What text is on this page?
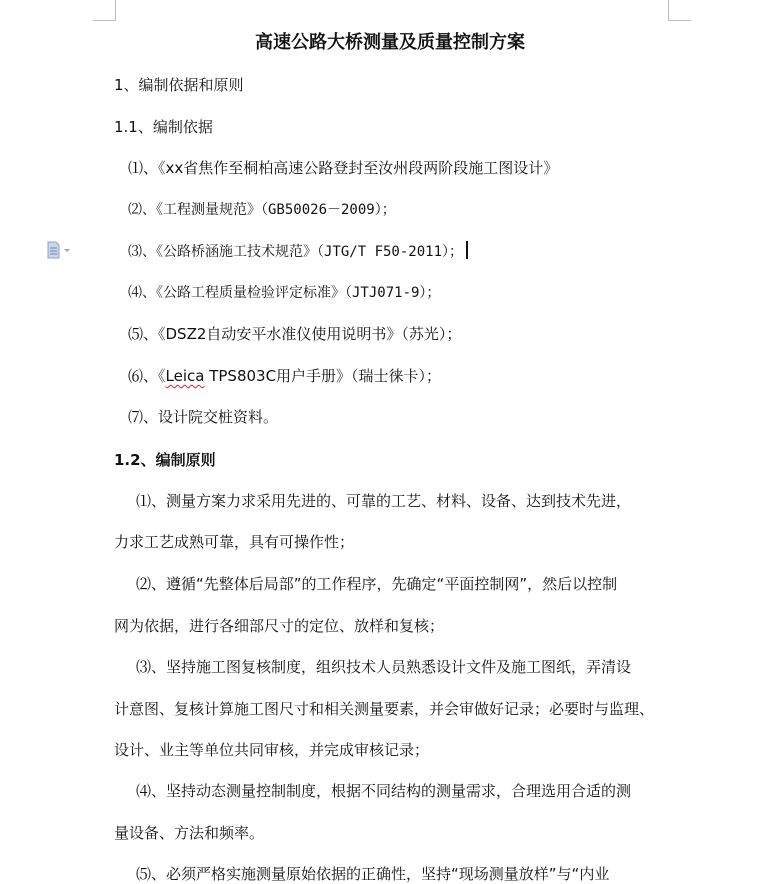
高速公路大桥测量及质量控制方案
1、编制依据和原则
1.1、编制依据
⑴、《xx省焦作至桐柏高速公路登封至汝州段两阶段施工图设计》
⑵、《工程测量规范》（GB50026－2009）；
⑶、《公路桥涵施工技术规范》（JTG/T F50-2011）；
⑷、《公路工程质量检验评定标准》（JTJ071-9）；
⑸、《DSZ2自动安平水准仪使用说明书》（苏光）；
⑹、《Leica TPS803C用户手册》（瑞士徕卡）；
⑺、设计院交桩资料。
1.2、编制原则
⑴、测量方案力求采用先进的、可靠的工艺、材料、设备、达到技术先进，
力求工艺成熟可靠，具有可操作性；
⑵、遵循“先整体后局部”的工作程序，先确定“平面控制网”，然后以控制
网为依据，进行各细部尺寸的定位、放样和复核；
⑶、坚持施工图复核制度，组织技术人员熟悉设计文件及施工图纸，弄清设
计意图、复核计算施工图尺寸和相关测量要素，并会审做好记录；必要时与监理、
设计、业主等单位共同审核，并完成审核记录；
⑷、坚持动态测量控制制度，根据不同结构的测量需求，合理选用合适的测
量设备、方法和频率。
⑸、必须严格实施测量原始依据的正确性，坚持“现场测量放样”与“内业
